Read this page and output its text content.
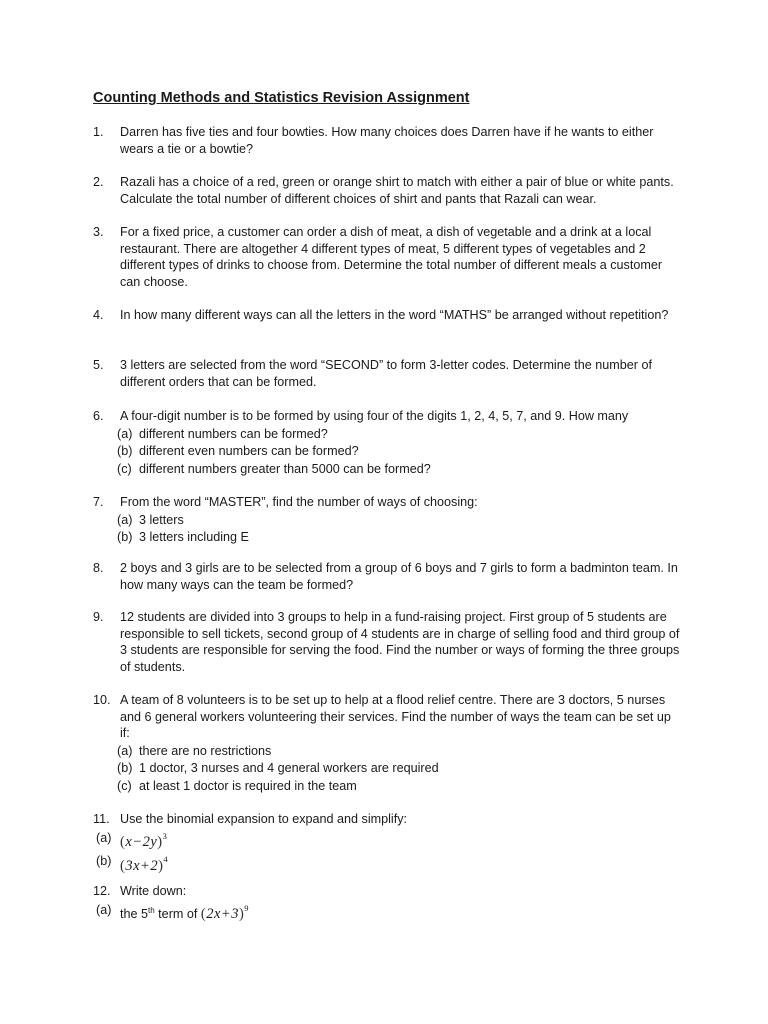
Counting Methods and Statistics Revision Assignment
1. Darren has five ties and four bowties. How many choices does Darren have if he wants to either wears a tie or a bowtie?
2. Razali has a choice of a red, green or orange shirt to match with either a pair of blue or white pants. Calculate the total number of different choices of shirt and pants that Razali can wear.
3. For a fixed price, a customer can order a dish of meat, a dish of vegetable and a drink at a local restaurant. There are altogether 4 different types of meat, 5 different types of vegetables and 2 different types of drinks to choose from. Determine the total number of different meals a customer can choose.
4. In how many different ways can all the letters in the word “MATHS” be arranged without repetition?
5. 3 letters are selected from the word “SECOND” to form 3-letter codes. Determine the number of different orders that can be formed.
6. A four-digit number is to be formed by using four of the digits 1, 2, 4, 5, 7, and 9. How many
(a) different numbers can be formed?
(b) different even numbers can be formed?
(c) different numbers greater than 5000 can be formed?
7. From the word “MASTER”, find the number of ways of choosing:
(a) 3 letters
(b) 3 letters including E
8. 2 boys and 3 girls are to be selected from a group of 6 boys and 7 girls to form a badminton team. In how many ways can the team be formed?
9. 12 students are divided into 3 groups to help in a fund-raising project. First group of 5 students are responsible to sell tickets, second group of 4 students are in charge of selling food and third group of 3 students are responsible for serving the food. Find the number or ways of forming the three groups of students.
10. A team of 8 volunteers is to be set up to help at a flood relief centre. There are 3 doctors, 5 nurses and 6 general workers volunteering their services. Find the number of ways the team can be set up if:
(a) there are no restrictions
(b) 1 doctor, 3 nurses and 4 general workers are required
(c) at least 1 doctor is required in the team
11. Use the binomial expansion to expand and simplify:
(a) $(x-2y)^3$
(b) $(3x+2)^4$
12. Write down:
(a) the 5th term of $(2x+3)^9$
